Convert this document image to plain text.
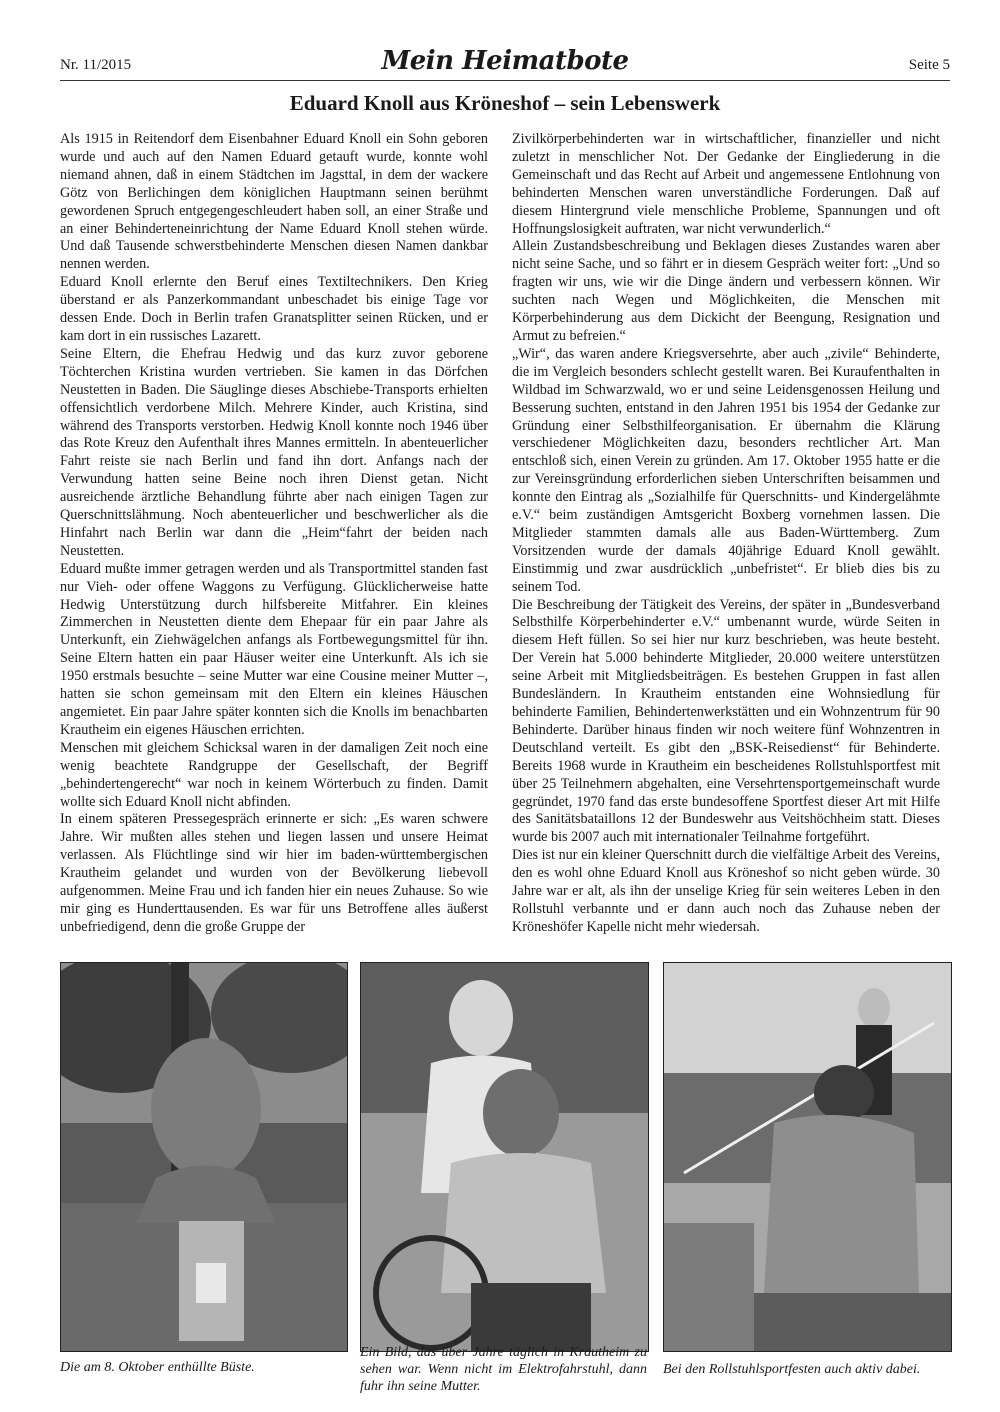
Nr. 11/2015	Mein Heimatbote	Seite 5
Eduard Knoll aus Kröneshof – sein Lebenswerk

Als 1915 in Reitendorf dem Eisenbahner Eduard Knoll ein Sohn geboren wurde und auch auf den Namen Eduard getauft wurde, konnte wohl niemand ahnen, daß in einem Städtchen im Jagsttal, in dem der wackere Götz von Berlichingen dem königlichen Hauptmann seinen berühmt gewordenen Spruch entgegengeschleudert haben soll, an einer Straße und an einer Behinderteneinrichtung der Name Eduard Knoll stehen würde. Und daß Tausende schwerstbehinderte Menschen diesen Namen dankbar nennen werden.

Eduard Knoll erlernte den Beruf eines Textiltechnikers. Den Krieg überstand er als Panzerkommandant unbeschadet bis einige Tage vor dessen Ende. Doch in Berlin trafen Granatsplitter seinen Rücken, und er kam dort in ein russisches Lazarett.

Seine Eltern, die Ehefrau Hedwig und das kurz zuvor geborene Töchterchen Kristina wurden vertrieben. Sie kamen in das Dörfchen Neustetten in Baden. Die Säuglinge dieses Abschiebe-Transports erhielten offensichtlich verdorbene Milch. Mehrere Kinder, auch Kristina, sind während des Transports verstorben. Hedwig Knoll konnte noch 1946 über das Rote Kreuz den Aufenthalt ihres Mannes ermitteln. In abenteuerlicher Fahrt reiste sie nach Berlin und fand ihn dort. Anfangs nach der Verwundung hatten seine Beine noch ihren Dienst getan. Nicht ausreichende ärztliche Behandlung führte aber nach einigen Tagen zur Querschnittslähmung. Noch abenteuerlicher und beschwerlicher als die Hinfahrt nach Berlin war dann die „Heim“fahrt der beiden nach Neustetten.

Eduard mußte immer getragen werden und als Transportmittel standen fast nur Vieh- oder offene Waggons zu Verfügung. Glücklicherweise hatte Hedwig Unterstützung durch hilfsbereite Mitfahrer. Ein kleines Zimmerchen in Neustetten diente dem Ehepaar für ein paar Jahre als Unterkunft, ein Ziehwägelchen anfangs als Fortbewegungsmittel für ihn. Seine Eltern hatten ein paar Häuser weiter eine Unterkunft. Als ich sie 1950 erstmals besuchte – seine Mutter war eine Cousine meiner Mutter –, hatten sie schon gemeinsam mit den Eltern ein kleines Häuschen angemietet. Ein paar Jahre später konnten sich die Knolls im benachbarten Krautheim ein eigenes Häuschen errichten.

Menschen mit gleichem Schicksal waren in der damaligen Zeit noch eine wenig beachtete Randgruppe der Gesellschaft, der Begriff „behindertengerecht“ war noch in keinem Wörterbuch zu finden. Damit wollte sich Eduard Knoll nicht abfinden.

In einem späteren Pressegespräch erinnerte er sich: „Es waren schwere Jahre. Wir mußten alles stehen und liegen lassen und unsere Heimat verlassen. Als Flüchtlinge sind wir hier im baden-württembergischen Krautheim gelandet und wurden von der Bevölkerung liebevoll aufgenommen. Meine Frau und ich fanden hier ein neues Zuhause. So wie mir ging es Hunderttausenden. Es war für uns Betroffene alles äußerst unbefriedigend, denn die große Gruppe der

Zivilkörperbehinderten war in wirtschaftlicher, finanzieller und nicht zuletzt in menschlicher Not. Der Gedanke der Eingliederung in die Gemeinschaft und das Recht auf Arbeit und angemessene Entlohnung von behinderten Menschen waren unverständliche Forderungen. Daß auf diesem Hintergrund viele menschliche Probleme, Spannungen und oft Hoffnungslosigkeit auftraten, war nicht verwunderlich.“

Allein Zustandsbeschreibung und Beklagen dieses Zustandes waren aber nicht seine Sache, und so fährt er in diesem Gespräch weiter fort: „Und so fragten wir uns, wie wir die Dinge ändern und verbessern können. Wir suchten nach Wegen und Möglichkeiten, die Menschen mit Körperbehinderung aus dem Dickicht der Beengung, Resignation und Armut zu befreien.“

„Wir“, das waren andere Kriegsversehrte, aber auch „zivile“ Behinderte, die im Vergleich besonders schlecht gestellt waren. Bei Kuraufenthalten in Wildbad im Schwarzwald, wo er und seine Leidensgenossen Heilung und Besserung suchten, entstand in den Jahren 1951 bis 1954 der Gedanke zur Gründung einer Selbsthilfeorganisation. Er übernahm die Klärung verschiedener Möglichkeiten dazu, besonders rechtlicher Art. Man entschloß sich, einen Verein zu gründen. Am 17. Oktober 1955 hatte er die zur Vereinsgründung erforderlichen sieben Unterschriften beisammen und konnte den Eintrag als „Sozialhilfe für Querschnitts- und Kindergelähmte e.V.“ beim zuständigen Amtsgericht Boxberg vornehmen lassen. Die Mitglieder stammten damals alle aus Baden-Württemberg. Zum Vorsitzenden wurde der damals 40jährige Eduard Knoll gewählt. Einstimmig und zwar ausdrücklich „unbefristet“. Er blieb dies bis zu seinem Tod.

Die Beschreibung der Tätigkeit des Vereins, der später in „Bundesverband Selbsthilfe Körperbehinderter e.V.“ umbenannt wurde, würde Seiten in diesem Heft füllen. So sei hier nur kurz beschrieben, was heute besteht. Der Verein hat 5.000 behinderte Mitglieder, 20.000 weitere unterstützen seine Arbeit mit Mitgliedsbeiträgen. Es bestehen Gruppen in fast allen Bundesländern. In Krautheim entstanden eine Wohnsiedlung für behinderte Familien, Behindertenwerkstätten und ein Wohnzentrum für 90 Behinderte. Darüber hinaus finden wir noch weitere fünf Wohnzentren in Deutschland verteilt. Es gibt den „BSK-Reisedienst“ für Behinderte. Bereits 1968 wurde in Krautheim ein bescheidenes Rollstuhlsportfest mit über 25 Teilnehmern abgehalten, eine Versehrtensportgemeinschaft wurde gegründet, 1970 fand das erste bundesoffene Sportfest dieser Art mit Hilfe des Sanitätsbataillons 12 der Bundeswehr aus Veitshöchheim statt. Dieses wurde bis 2007 auch mit internationaler Teilnahme fortgeführt.

Dies ist nur ein kleiner Querschnitt durch die vielfältige Arbeit des Vereins, den es wohl ohne Eduard Knoll aus Kröneshof so nicht geben würde. 30 Jahre war er alt, als ihn der unselige Krieg für sein weiteres Leben in den Rollstuhl verbannte und er dann auch noch das Zuhause neben der Kröneshöfer Kapelle nicht mehr wiedersah.

Die am 8. Oktober enthüllte Büste.
Ein Bild, das über Jahre täglich in Krautheim zu sehen war. Wenn nicht im Elektrofahrstuhl, dann fuhr ihn seine Mutter.
Bei den Rollstuhlsportfesten auch aktiv dabei.
